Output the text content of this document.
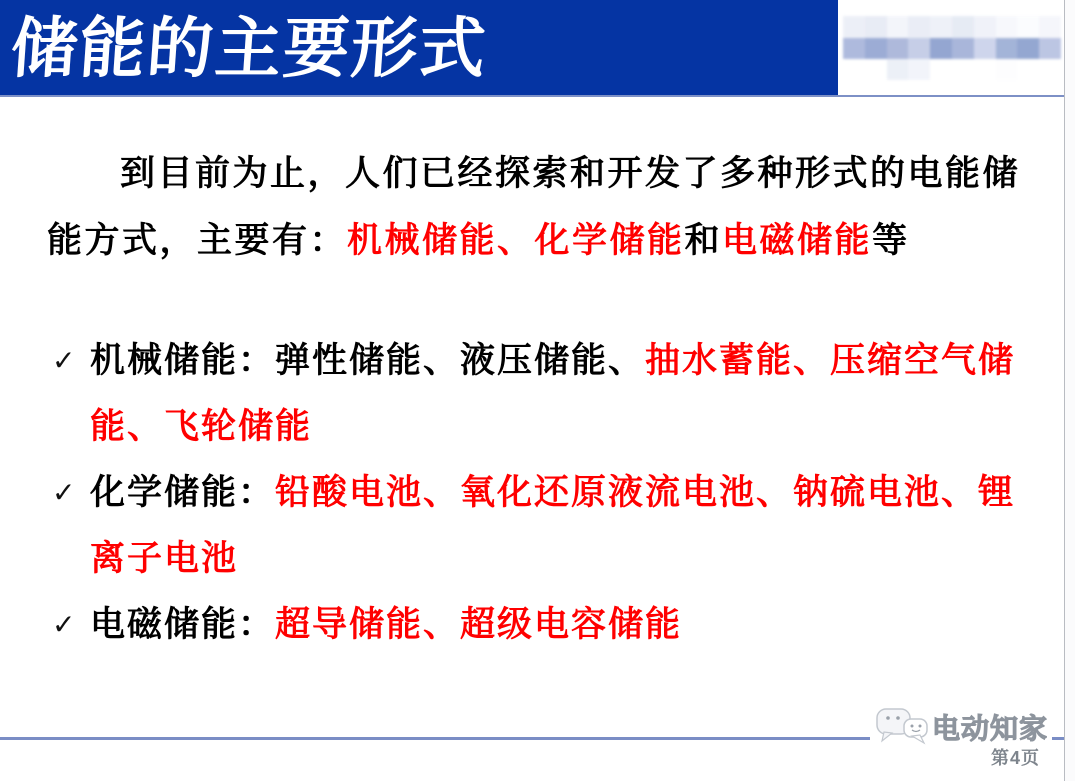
储能的主要形式
到目前为止，人们已经探索和开发了多种形式的电能储
能方式，主要有：机械储能、化学储能和电磁储能等
✓ 机械储能：弹性储能、液压储能、抽水蓄能、压缩空气储
能、飞轮储能
✓ 化学储能：铅酸电池、氧化还原液流电池、钠硫电池、锂
离子电池
✓ 电磁储能：超导储能、超级电容储能
电动知家
第4页
